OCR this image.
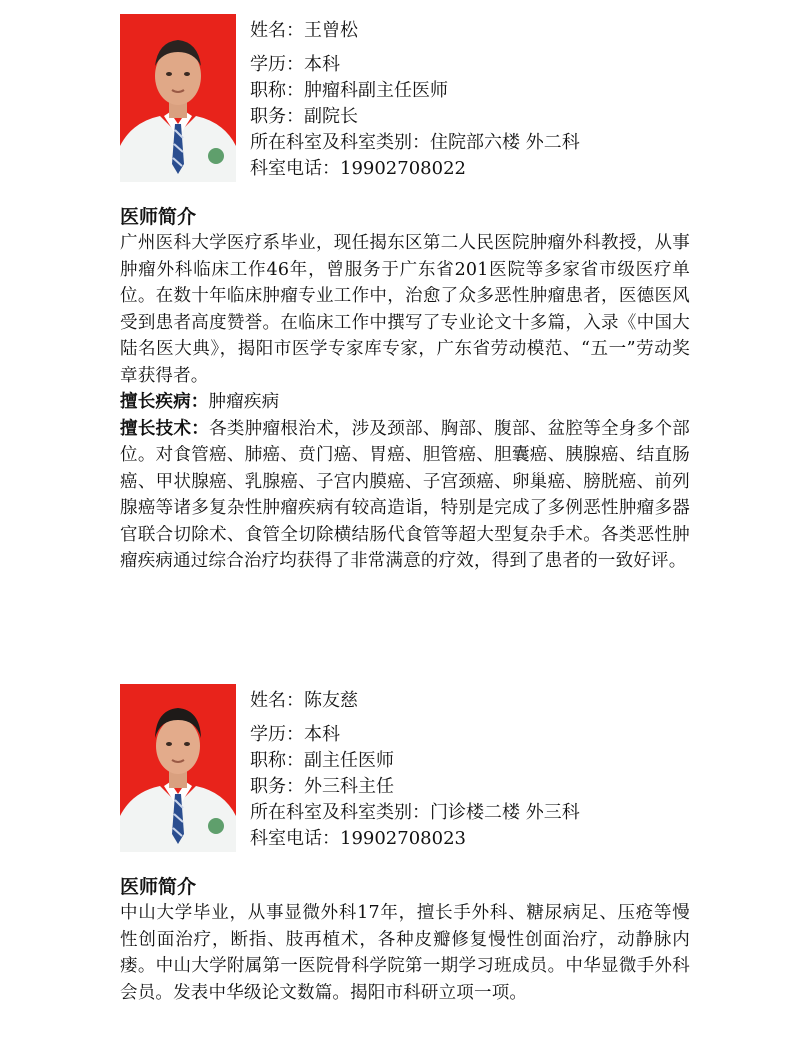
姓名：王曾松
学历：本科
职称：肿瘤科副主任医师
职务：副院长
所在科室及科室类别：住院部六楼 外二科
科室电话：19902708022
医师简介

广州医科大学医疗系毕业，现任揭东区第二人民医院肿瘤外科教授，从事肿瘤外科临床工作46年，曾服务于广东省201医院等多家省市级医疗单位。在数十年临床肿瘤专业工作中，治愈了众多恶性肿瘤患者，医德医风受到患者高度赞誉。在临床工作中撰写了专业论文十多篇，入录《中国大陆名医大典》，揭阳市医学专家库专家，广东省劳动模范、“五一”劳动奖章获得者。

擅长疾病：肿瘤疾病

擅长技术：各类肿瘤根治术，涉及颈部、胸部、腹部、盆腔等全身多个部位。对食管癌、肺癌、贲门癌、胃癌、胆管癌、胆囊癌、胰腺癌、结直肠癌、甲状腺癌、乳腺癌、子宫内膜癌、子宫颈癌、卵巢癌、膀胱癌、前列腺癌等诸多复杂性肿瘤疾病有较高造诣，特别是完成了多例恶性肿瘤多器官联合切除术、食管全切除横结肠代食管等超大型复杂手术。各类恶性肿瘤疾病通过综合治疗均获得了非常满意的疗效，得到了患者的一致好评。

姓名：陈友慈
学历：本科
职称：副主任医师
职务：外三科主任
所在科室及科室类别：门诊楼二楼 外三科
科室电话：19902708023
医师简介

中山大学毕业，从事显微外科17年，擅长手外科、糖尿病足、压疮等慢性创面治疗，断指、肢再植术，各种皮瓣修复慢性创面治疗，动静脉内瘘。中山大学附属第一医院骨科学院第一期学习班成员。中华显微手外科会员。发表中华级论文数篇。揭阳市科研立项一项。
